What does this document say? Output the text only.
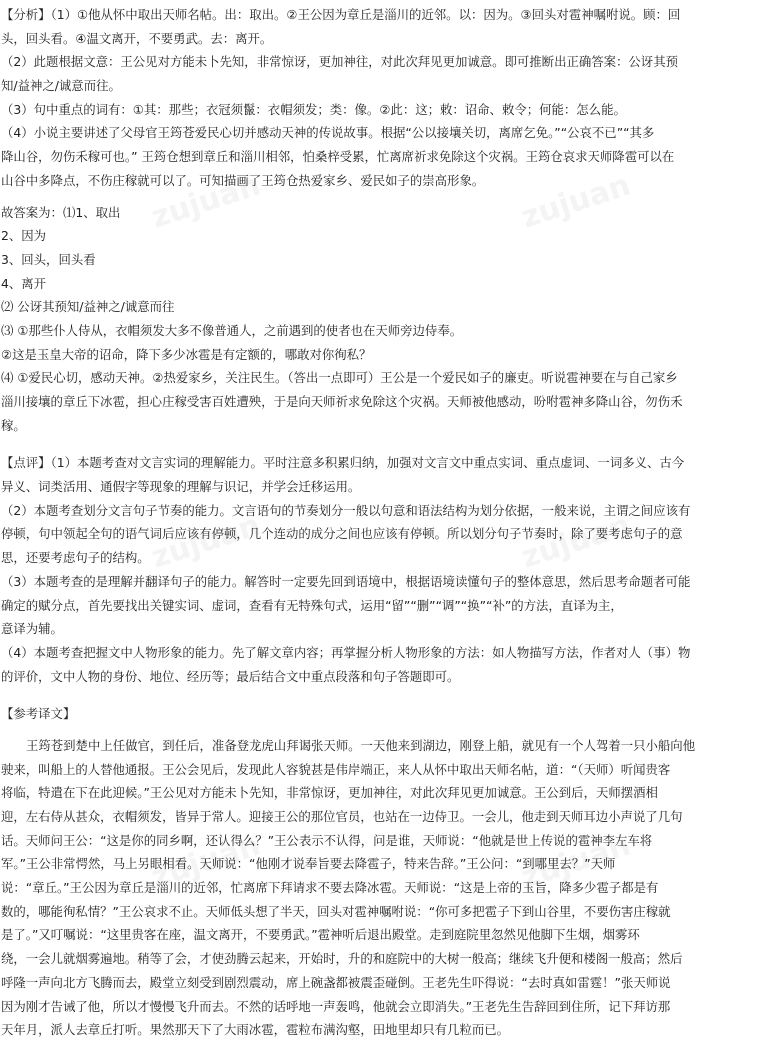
zujuan	zujuan
zujuan	zujuan
zujuan	zujuan
【分析】（1）①他从怀中取出天师名帖。出：取出。②王公因为章丘是淄川的近邻。以：因为。③回头对雹神嘱咐说。顾：回
头，回头看。④温文离开，不要勇武。去：离开。
（2）此题根据文意：王公见对方能未卜先知，非常惊讶，更加神往，对此次拜见更加诚意。即可推断出正确答案：公讶其预
知/益神之/诚意而往。
（3）句中重点的词有：①其：那些；衣冠须鬣：衣帽须发；类：像。②此：这；敕：诏命、敕令；何能：怎么能。
（4）小说主要讲述了父母官王筠苍爱民心切并感动天神的传说故事。根据“公以接壤关切，离席乞免。”“公哀不已”“其多
降山谷，勿伤禾稼可也。” 王筠仓想到章丘和淄川相邻，怕桑梓受累，忙离席祈求免除这个灾祸。王筠仓哀求天师降雹可以在
山谷中多降点，不伤庄稼就可以了。可知描画了王筠仓热爱家乡、爱民如子的崇高形象。
故答案为：⑴1、取出
2、因为
3、回头，回头看
4、离开
⑵ 公讶其预知/益神之/诚意而往
⑶ ①那些仆人侍从，衣帽须发大多不像普通人，之前遇到的使者也在天师旁边侍奉。
②这是玉皇大帝的诏命，降下多少冰雹是有定额的，哪敢对你徇私？
⑷ ①爱民心切，感动天神。②热爱家乡，关注民生。（答出一点即可）王公是一个爱民如子的廉吏。听说雹神要在与自己家乡
淄川接壤的章丘下冰雹，担心庄稼受害百姓遭殃，于是向天师祈求免除这个灾祸。天师被他感动，吩咐雹神多降山谷，勿伤禾
稼。
【点评】（1）本题考查对文言实词的理解能力。平时注意多积累归纳，加强对文言文中重点实词、重点虚词、一词多义、古今
异义、词类活用、通假字等现象的理解与识记，并学会迁移运用。
（2）本题考查划分文言句子节奏的能力。文言语句的节奏划分一般以句意和语法结构为划分依据，一般来说，主谓之间应该有
停顿，句中领起全句的语气词后应该有停顿，几个连动的成分之间也应该有停顿。所以划分句子节奏时，除了要考虑句子的意
思，还要考虑句子的结构。
（3）本题考查的是理解并翻译句子的能力。解答时一定要先回到语境中，根据语境读懂句子的整体意思，然后思考命题者可能
确定的赋分点，首先要找出关键实词、虚词，查看有无特殊句式，运用“留”“删”“调”“换”“补”的方法，直译为主，
意译为辅。
（4）本题考查把握文中人物形象的能力。先了解文章内容；再掌握分析人物形象的方法：如人物描写方法，作者对人（事）物
的评价，文中人物的身份、地位、经历等；最后结合文中重点段落和句子答题即可。
【参考译文】
王筠苍到楚中上任做官，到任后，准备登龙虎山拜谒张天师。一天他来到湖边，刚登上船，就见有一个人驾着一只小船向他
驶来，叫船上的人替他通报。王公会见后，发现此人容貌甚是伟岸端正，来人从怀中取出天师名帖，道：“（天师）听闻贵客
将临，特遣在下在此迎候。”王公见对方能未卜先知，非常惊讶，更加神往，对此次拜见更加诚意。王公到后，天师摆酒相
迎，左右侍从甚众，衣帽须发，皆异于常人。迎接王公的那位官员，也站在一边侍卫。一会儿，他走到天师耳边小声说了几句
话。天师问王公：“这是你的同乡啊，还认得么？”王公表示不认得，问是谁，天师说：“他就是世上传说的雹神李左车将
军。”王公非常愕然，马上另眼相看。天师说：“他刚才说奉旨要去降雹子，特来告辞。”王公问：“到哪里去？”天师
说：“章丘。”王公因为章丘是淄川的近邻，忙离席下拜请求不要去降冰雹。天师说：“这是上帝的玉旨，降多少雹子都是有
数的，哪能徇私情？”王公哀求不止。天师低头想了半天，回头对雹神嘱咐说：“你可多把雹子下到山谷里，不要伤害庄稼就
是了。”又叮嘱说：“这里贵客在座，温文离开，不要勇武。”雹神听后退出殿堂。走到庭院里忽然见他脚下生烟，烟雾环
绕，一会儿就烟雾遍地。稍等了会，才使劲腾云起来，开始时，升的和庭院中的大树一般高；继续飞升便和楼阁一般高；然后
呼隆一声向北方飞腾而去，殿堂立刻受到剧烈震动，席上碗盏都被震歪碰倒。王老先生吓得说：“去时真如雷霆！”张天师说
因为刚才告诫了他，所以才慢慢飞升而去。不然的话呼地一声轰鸣，他就会立即消失。”王老先生告辞回到住所，记下拜访那
天年月，派人去章丘打听。果然那天下了大雨冰雹，雹粒布满沟壑，田地里却只有几粒而已。
